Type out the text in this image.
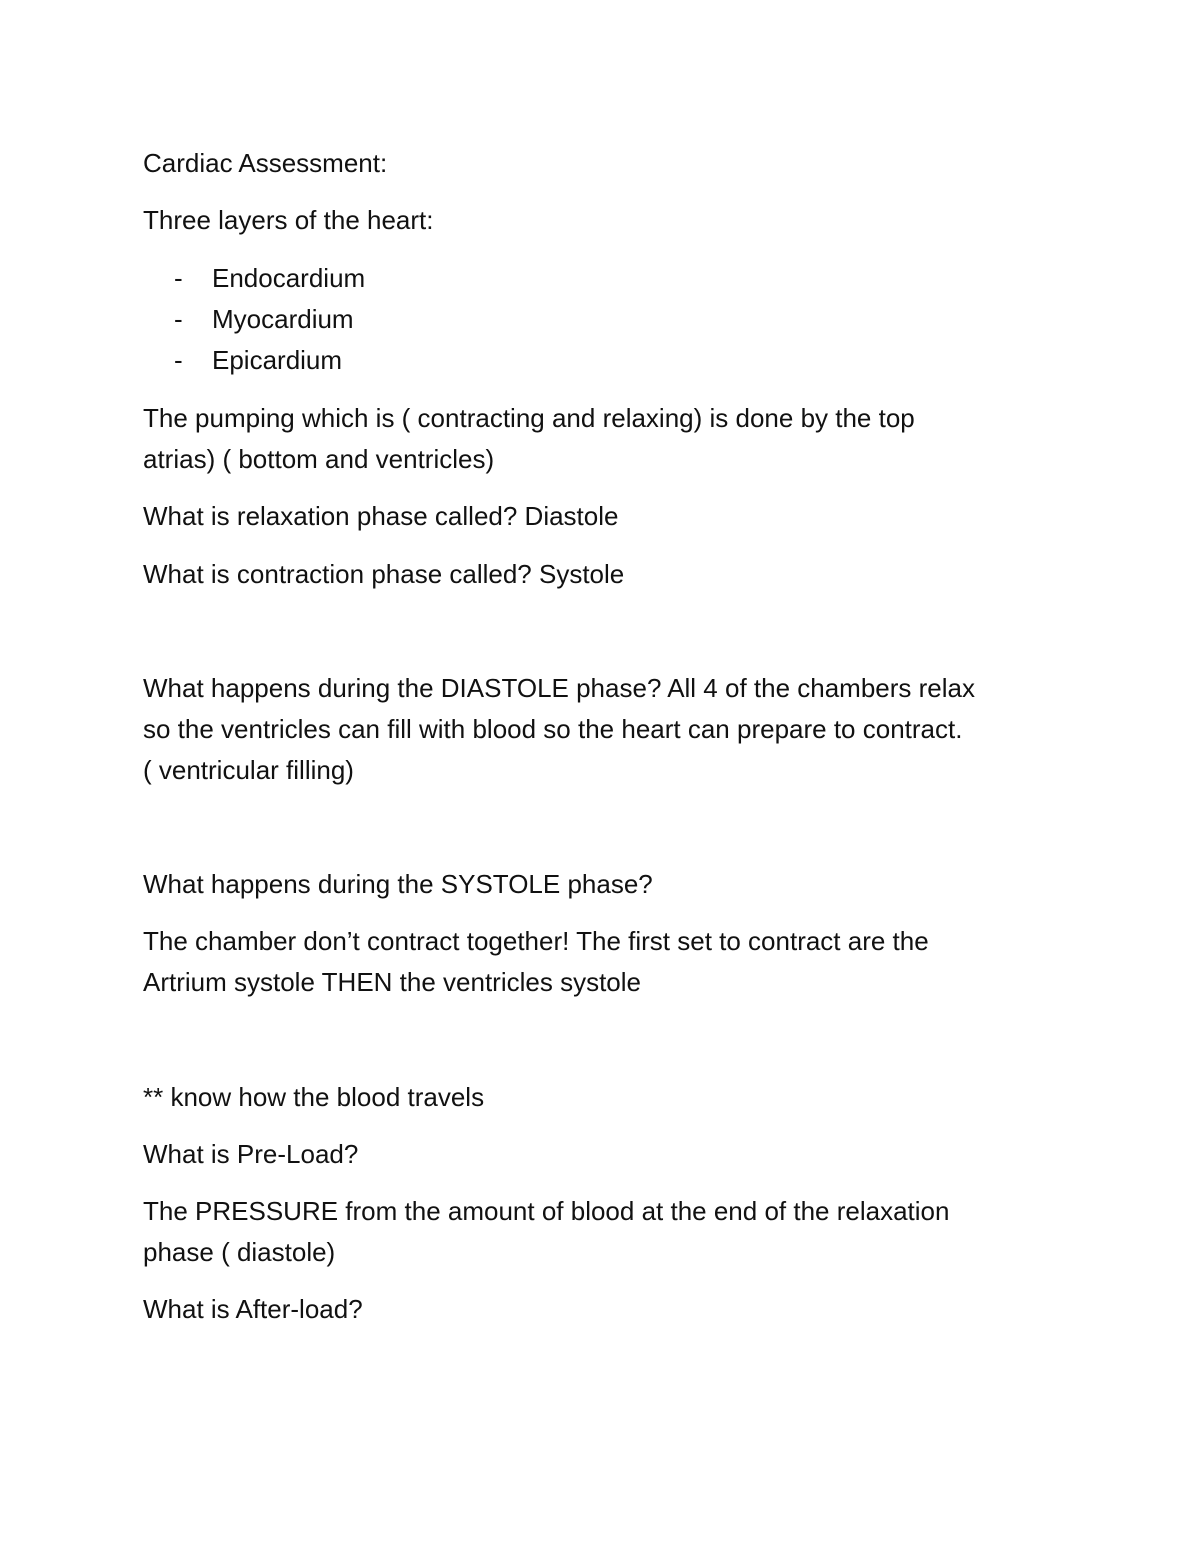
Cardiac Assessment:
Three layers of the heart:
- Endocardium
- Myocardium
- Epicardium
The pumping which is ( contracting and relaxing) is done by the top
atrias) ( bottom and ventricles)
What is relaxation phase called? Diastole
What is contraction phase called? Systole
What happens during the DIASTOLE phase? All 4 of the chambers relax
so the ventricles can fill with blood so the heart can prepare to contract.
( ventricular filling)
What happens during the SYSTOLE phase?
The chamber don’t contract together! The first set to contract are the
Artrium systole THEN the ventricles systole
** know how the blood travels
What is Pre-Load?
The PRESSURE from the amount of blood at the end of the relaxation
phase ( diastole)
What is After-load?
